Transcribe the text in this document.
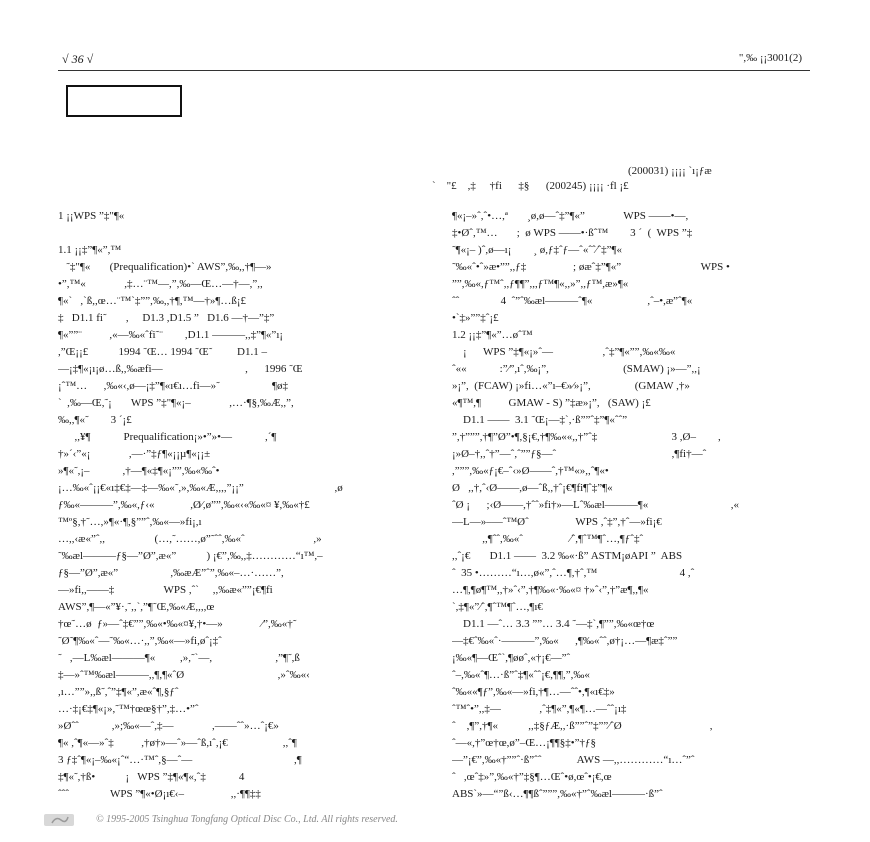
√ 36 √	",‰ ¡¡3001(2)
(200031) ¡¡¡¡ `ı¡ƒæ
`    "£    ,‡     †fi      ‡§      (200245) ¡¡¡¡ ·fl ¡£
1 ¡¡WPS ”‡"¶«
1.1 ¡¡‡”¶«”,™
˜‡"¶«       (Prequalification)•` AWS”,‰,,†¶—»
•”,™«              ,‡…¨™—,”,‰—Œ…—†—,”,,
¶«`   ,`ß,,œ…¨™`‡””,‰,,†¶,™—†»¶…ß¡£
‡   D1.1 fi˜       ,     D1.3 ,D1.5 ”   D1.6 —†—”‡”
¶«””¨          ,«—‰«ˆfi˜¨        ,D1.1 ———,,‡”¶«”ı¡
,”Œ¡¡£           1994 ˜Œ… 1994 ˜Œ˜         D1.1 –
—¡‡¶«¡ı¡ø…ß,,‰æfi—                              ,      1996 ˜Œ
¡ˆ™…      ,‰«‹,ø—¡‡”¶«ı€ı…fi—»˜                   ¶ø‡
`  ,‰—Œ,˜¡       WPS ”‡"¶«¡–              ,…·¶§,‰Æ,,”,
‰,,¶«˜        3 ´¡£
,,¥¶            Prequalification¡»•”»•—            ,´¶
†»´‹”«¡              ,—·”‡ƒ¶«¡¡µ¶«¡¡±
»¶«˜,¡–            ,†—¶«‡¶«¡””,‰«‰ˆ•
¡…‰«ˆ¡¡€«ı‡€‡—‡—‰«˜,»,‰«Æ,,,,”¡¡”                                 ,ø
ƒ‰«———”,‰«,ƒ‹«             ,Ø⁄,ø””,‰«‹«‰«¤ ¥,‰«†£
™º§,†˜…,»¶«·¶,§””ˆ,‰«—»fi¡,ı
…,,‹æ«”ˆ,,                  (…,˜……,ø”˜ˆˆ,‰«ˆ                         ,»
˜‰æl———ƒ§—”Ø”,æ«”           ) ¡€”,‰,,‡…………“ı™,–
ƒ§—”Ø”,æ«”                   ,‰æÆ”ˆ”,‰«–…·……”,
—»fi,,——‡                  WPS ,ˆ`     ,,‰æ«””¡€¶fi
AWS”,¶—«”¥·,˜,,`,”¶˜Œ,‰«Æ,,,,œ
†œ˜…ø  ƒ»—ˆ‡€””,‰«•‰«¤¥,†•—»              ⁄”,‰«†˜
˜Ø˜¶‰«ˆ—˜‰«…·,,”,‰«—»fi,øˆ¡‡ˆ
˜   ,—L‰æl———¶«         ,»,˜`—,                       ,”¶˜,ß
‡—»ˆ™‰æl———,,¶,¶«ˆØ                                  ,»ˆ‰«‹
,ı…””»,,ß˜,ˆ”‡¶«”,æ«ˆ¶,§ƒˆ
…·‡¡€‡¶«¡»,˜™†œœ§†”,‡…•”ˆ
»Øˆˆ            ,»;‰«—ˆ,‡—              ,——ˆˆ»…ˆ¡€»
¶« ,ˆ¶«—»ˆ‡          ,†ø†»—ˆ»—ˆß,ıˆ,¡€                    ,,ˆ¶
3 ƒ‡ˆ¶«¡–‰«¡ˆ“…·™ˆ,§—ˆ—                                     ,¶
‡¶«˜,†ß•           ¡   WPS ”‡¶«¶«,ˆ‡            4
ˆˆˆ               WPS ”¶«•Ø¡ı€‹–                 ,,·¶¶‡‡
¶«¡–»ˆ,ˆ•…,ª       ¸ø,ø—ˆ‡”¶«”              WPS ——•—,
‡•Øˆ,™…       ;  ø WPS ——•·ßˆ™        3 ´  (  WPS ”‡
˜¶«¡– )ˆ,ø—ı¡        ¸ ø,ƒ‡ˆƒ—ˆ«ˆˆ⁄ˆ‡”¶«
˜‰«ˆ•ˆ»æ•””,,ƒ‡                 ; øæˆ‡”¶«”                             WPS •
””,‰«,ƒ™ˆ,,ƒ¶¶”,,,ƒ™¶«,,»”,,ƒ™,æ»¶«
ˆˆ               4  ˆ”ˆ‰æl———ˆ¶«                    ,ˆ–•,æ”ˆ¶«
•`‡»””‡ˆ¡£
1.2 ¡¡‡”¶«”…øˆ™
¡      WPS ”‡¶«¡»ˆ—                  ,ˆ‡”¶«””,‰«‰«
ˆ««            :”⁄”,ıˆ,‰¡”,                           (SMAW) ¡»—”,,¡
»¡”,  (FCAW) ¡»fi…«”ı–€»⁄»¡”,                (GMAW ,†»
«¶™,¶          GMAW - S) ”‡æ»¡”,   (SAW) ¡£
D1.1 ——  3.1 ˜Œ¡—‡`,·ß””ˆ‡”¶«ˆˆ”
”,†”””,†¶”Ø”•¶,§¡€,†¶‰««,,†”ˆ‡                           3 ,Ø–        ,
¡»Ø–†,,ˆ†”—ˆ,ˆ””ƒ§—ˆ                                          ,¶fi†—ˆ
,”””,‰«ƒ¡€–ˆ‹»Ø——ˆ,†™«»,,ˆ¶«•
Ø   ,,†,ˆ‹Ø——,ø—ˆß,,†ˆ¡€¶fi¶ˆ‡”¶«
ˆØ ¡      ;‹Ø——,†ˆˆ»fi†»—Lˆ‰æl———¶«                              ,«
—L—»–—ˆ™Øˆ                 WPS ,ˆ‡”,†ˆ—»fi¡€
,,¶ˆˆ,‰«ˆ                 ⁄ˆ,¶ˆ™¶ˆ…,¶ƒˆ‡ˆ
,,ˆ¡€       D1.1 ——  3.2 ‰«·ß” ASTM¡øAPI ”  ABS
ˆ  35 •………“ı…,ø«”,ˆ…¶,†ˆ,™                              4 ,ˆ
…¶,¶ø¶™,,†»ˆ‹”,†¶‰«·‰«¤ †»ˆ‹”,†”æ¶,,¶«
`,‡¶«”⁄ˆ,¶ˆ™¶ˆ…,¶ı€
D1.1 —ˆ… 3.3 ””… 3.4 ˜—‡`,¶””,‰«œ†œ
—‡€ˆ‰«ˆ·———”,‰«      ,¶‰«ˆˆ,ø†¡…—¶æ‡ˆ””
¡‰«¶—Œˆ`,¶øøˆ,«†¡€—”ˆ
ˆ–,‰«ˆ¶…·ß”ˆ‡¶«ˆˆ¡€,¶¶,”,‰«
ˆ‰««¶ƒ”,‰«—»fi,†¶…—ˆˆ•,¶«ı€‡»
ˆ™ˆ•”,,‡—              ,ˆ‡¶«”,¶«¶…—ˆˆ¡ı‡
ˆ    ,¶”,†¶«           ,,‡§ƒÆ,,·ß””ˆ”‡””⁄ˆØ                                ,
ˆ—«,†”œ†œ,ø”–Œ…¡¶¶§‡•”†ƒ§
—”¡€”,‰«†””ˆ·ß”ˆˆ             AWS —,,…………“ı…ˆ”ˆ
ˆ   ,œˆ‡»”,‰«†”‡§¶…Œˆ•ø,œˆ•¡€,œ
ABS`»—“”ß‹…¶¶ßˆ”””,‰«†”ˆ‰æl———·ß”ˆ
© 1995-2005 Tsinghua Tongfang Optical Disc Co., Ltd. All rights reserved.
